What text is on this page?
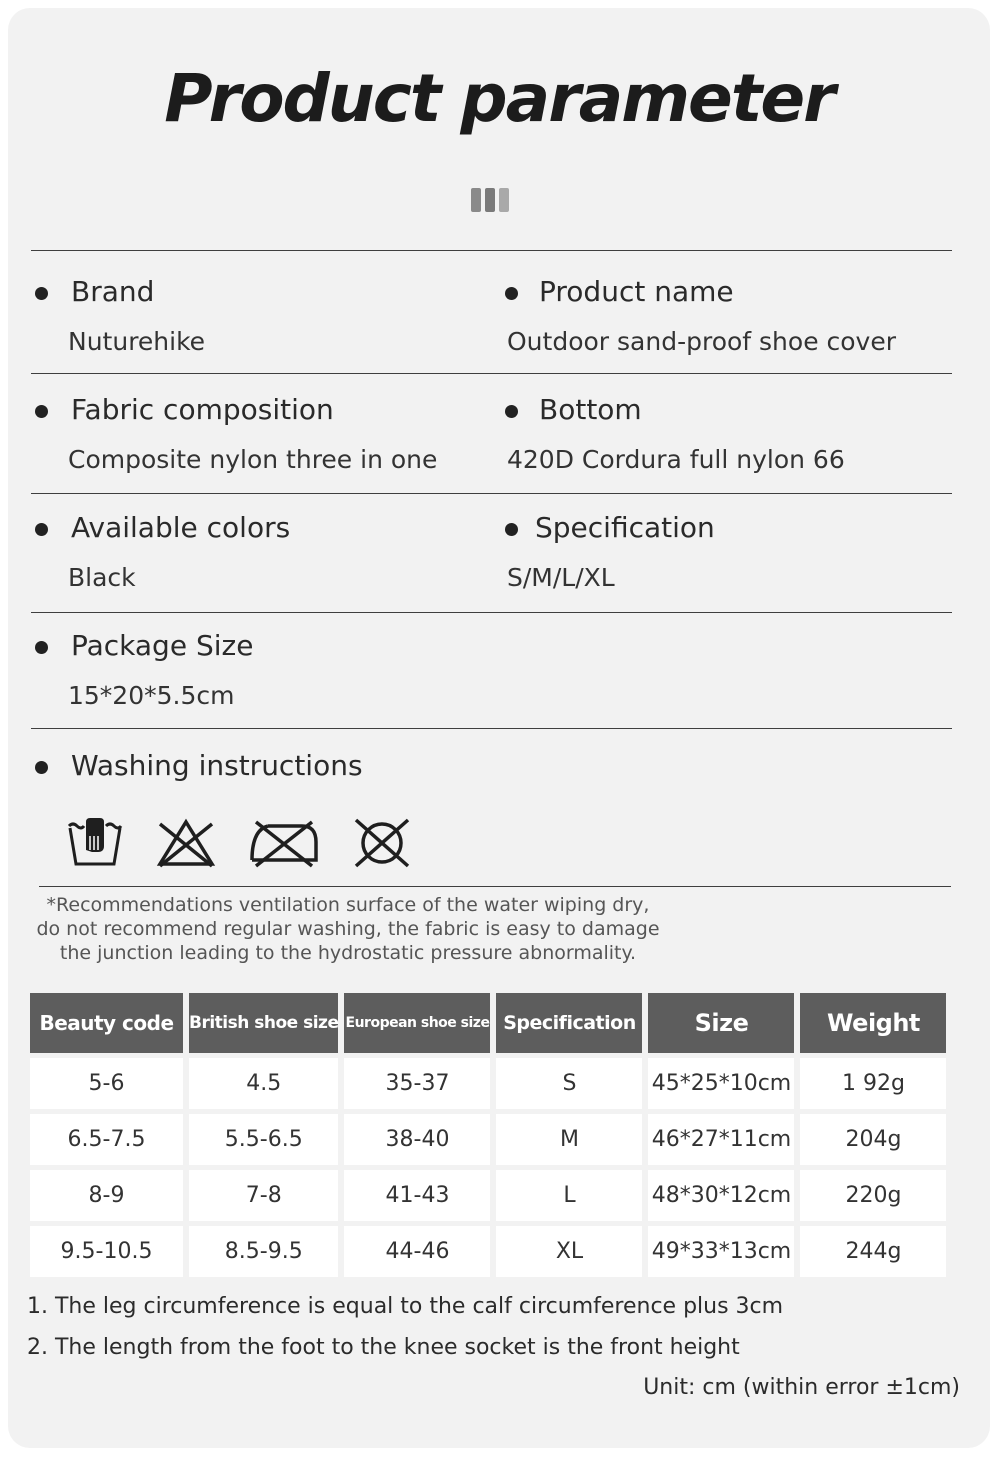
Product parameter
Brand
Nuturehike
Product name
Outdoor sand-proof shoe cover
Fabric composition
Composite nylon three in one
Bottom
420D Cordura full nylon 66
Available colors
Black
Specification
S/M/L/XL
Package Size
15*20*5.5cm
Washing instructions
*Recommendations ventilation surface of the water wiping dry,
do not recommend regular washing, the fabric is easy to damage
the junction leading to the hydrostatic pressure abnormality.
Beauty code	British shoe size	European shoe size	Specification	Size	Weight
5-6	4.5	35-37	S	45*25*10cm	1 92g
6.5-7.5	5.5-6.5	38-40	M	46*27*11cm	204g
8-9	7-8	41-43	L	48*30*12cm	220g
9.5-10.5	8.5-9.5	44-46	XL	49*33*13cm	244g
1. The leg circumference is equal to the calf circumference plus 3cm
2. The length from the foot to the knee socket is the front height
Unit: cm (within error ±1cm)
